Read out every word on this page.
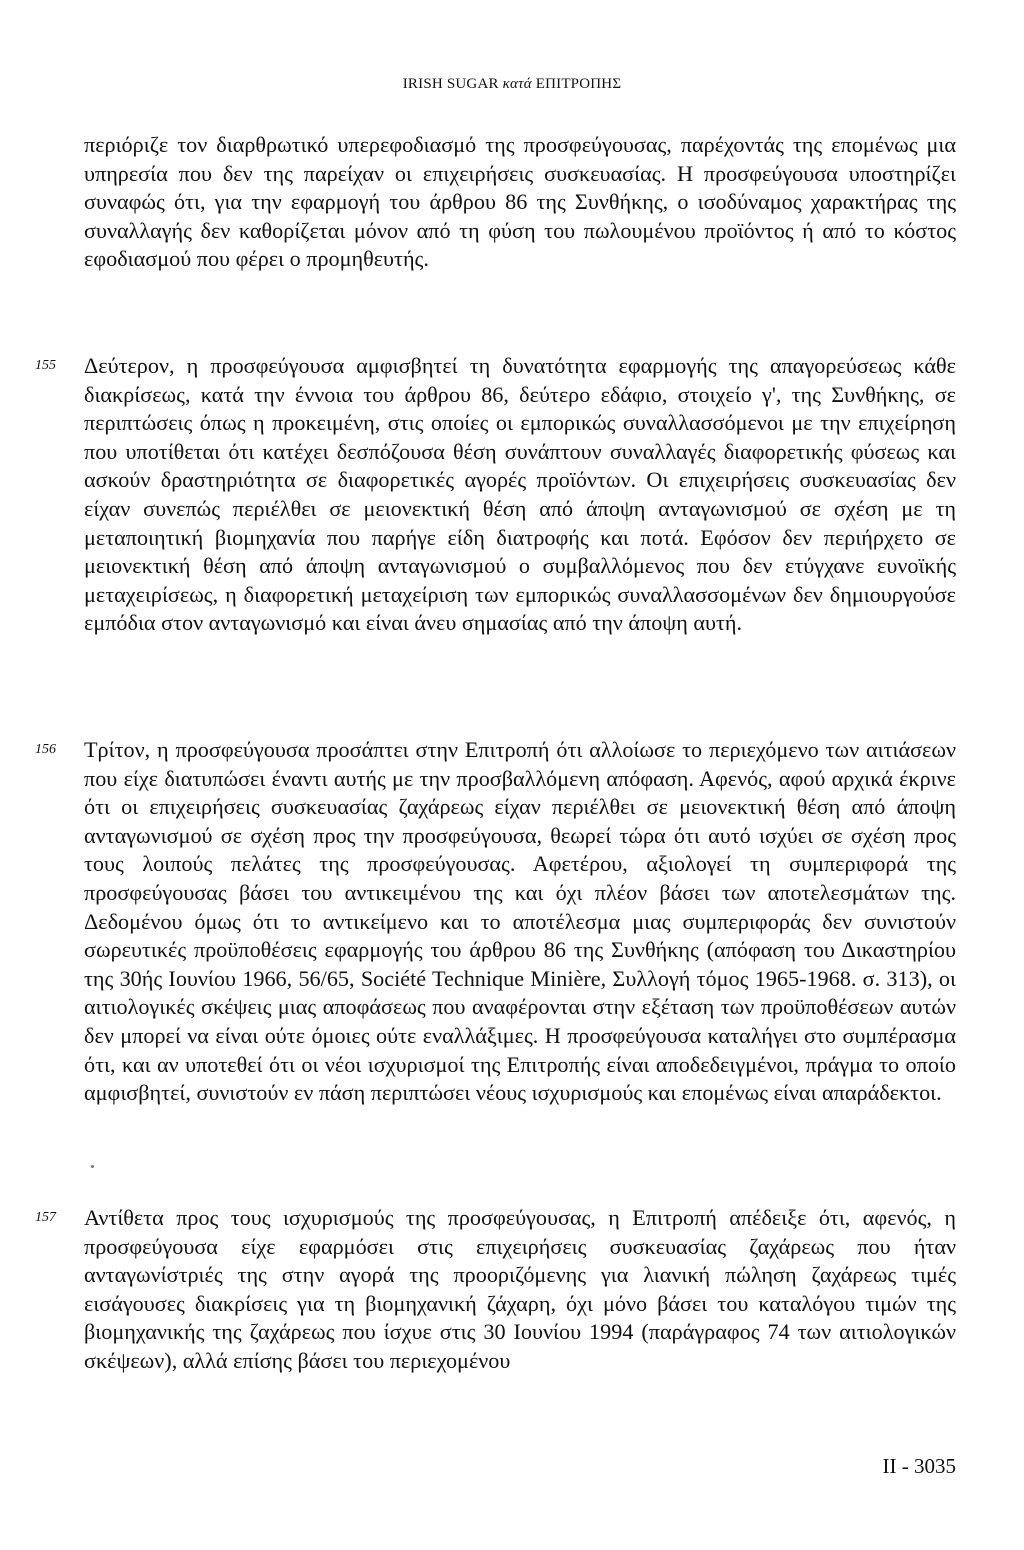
IRISH SUGAR κατά ΕΠΙΤΡΟΠΗΣ
περιόριζε τον διαρθρωτικό υπερεφοδιασμό της προσφεύγουσας, παρέχοντάς της επομένως μια υπηρεσία που δεν της παρείχαν οι επιχειρήσεις συσκευασίας. Η προσφεύγουσα υποστηρίζει συναφώς ότι, για την εφαρμογή του άρθρου 86 της Συνθήκης, ο ισοδύναμος χαρακτήρας της συναλλαγής δεν καθορίζεται μόνον από τη φύση του πωλουμένου προϊόντος ή από το κόστος εφοδιασμού που φέρει ο προμηθευτής.
155	Δεύτερον, η προσφεύγουσα αμφισβητεί τη δυνατότητα εφαρμογής της απαγορεύσεως κάθε διακρίσεως, κατά την έννοια του άρθρου 86, δεύτερο εδάφιο, στοιχείο γ', της Συνθήκης, σε περιπτώσεις όπως η προκειμένη, στις οποίες οι εμπορικώς συναλλασσόμενοι με την επιχείρηση που υποτίθεται ότι κατέχει δεσπόζουσα θέση συνάπτουν συναλλαγές διαφορετικής φύσεως και ασκούν δραστηριότητα σε διαφορετικές αγορές προϊόντων. Οι επιχειρήσεις συσκευασίας δεν είχαν συνεπώς περιέλθει σε μειονεκτική θέση από άποψη ανταγωνισμού σε σχέση με τη μεταποιητική βιομηχανία που παρήγε είδη διατροφής και ποτά. Εφόσον δεν περιήρχετο σε μειονεκτική θέση από άποψη ανταγωνισμού ο συμβαλλόμενος που δεν ετύγχανε ευνοϊκής μεταχειρίσεως, η διαφορετική μεταχείριση των εμπορικώς συναλλασσομένων δεν δημιουργούσε εμπόδια στον ανταγωνισμό και είναι άνευ σημασίας από την άποψη αυτή.
156	Τρίτον, η προσφεύγουσα προσάπτει στην Επιτροπή ότι αλλοίωσε το περιεχόμενο των αιτιάσεων που είχε διατυπώσει έναντι αυτής με την προσβαλλόμενη απόφαση. Αφενός, αφού αρχικά έκρινε ότι οι επιχειρήσεις συσκευασίας ζαχάρεως είχαν περιέλθει σε μειονεκτική θέση από άποψη ανταγωνισμού σε σχέση προς την προσφεύγουσα, θεωρεί τώρα ότι αυτό ισχύει σε σχέση προς τους λοιπούς πελάτες της προσφεύγουσας. Αφετέρου, αξιολογεί τη συμπεριφορά της προσφεύγουσας βάσει του αντικειμένου της και όχι πλέον βάσει των αποτελεσμάτων της. Δεδομένου όμως ότι το αντικείμενο και το αποτέλεσμα μιας συμπεριφοράς δεν συνιστούν σωρευτικές προϋποθέσεις εφαρμογής του άρθρου 86 της Συνθήκης (απόφαση του Δικαστηρίου της 30ής Ιουνίου 1966, 56/65, Société Technique Minière, Συλλογή τόμος 1965-1968. σ. 313), οι αιτιολογικές σκέψεις μιας αποφάσεως που αναφέρονται στην εξέταση των προϋποθέσεων αυτών δεν μπορεί να είναι ούτε όμοιες ούτε εναλλάξιμες. Η προσφεύγουσα καταλήγει στο συμπέρασμα ότι, και αν υποτεθεί ότι οι νέοι ισχυρισμοί της Επιτροπής είναι αποδεδειγμένοι, πράγμα το οποίο αμφισβητεί, συνιστούν εν πάση περιπτώσει νέους ισχυρισμούς και επομένως είναι απαράδεκτοι.
157	Αντίθετα προς τους ισχυρισμούς της προσφεύγουσας, η Επιτροπή απέδειξε ότι, αφενός, η προσφεύγουσα είχε εφαρμόσει στις επιχειρήσεις συσκευασίας ζαχάρεως που ήταν ανταγωνίστριές της στην αγορά της προοριζόμενης για λιανική πώληση ζαχάρεως τιμές εισάγουσες διακρίσεις για τη βιομηχανική ζάχαρη, όχι μόνο βάσει του καταλόγου τιμών της βιομηχανικής της ζαχάρεως που ίσχυε στις 30 Ιουνίου 1994 (παράγραφος 74 των αιτιολογικών σκέψεων), αλλά επίσης βάσει του περιεχομένου
II - 3035
